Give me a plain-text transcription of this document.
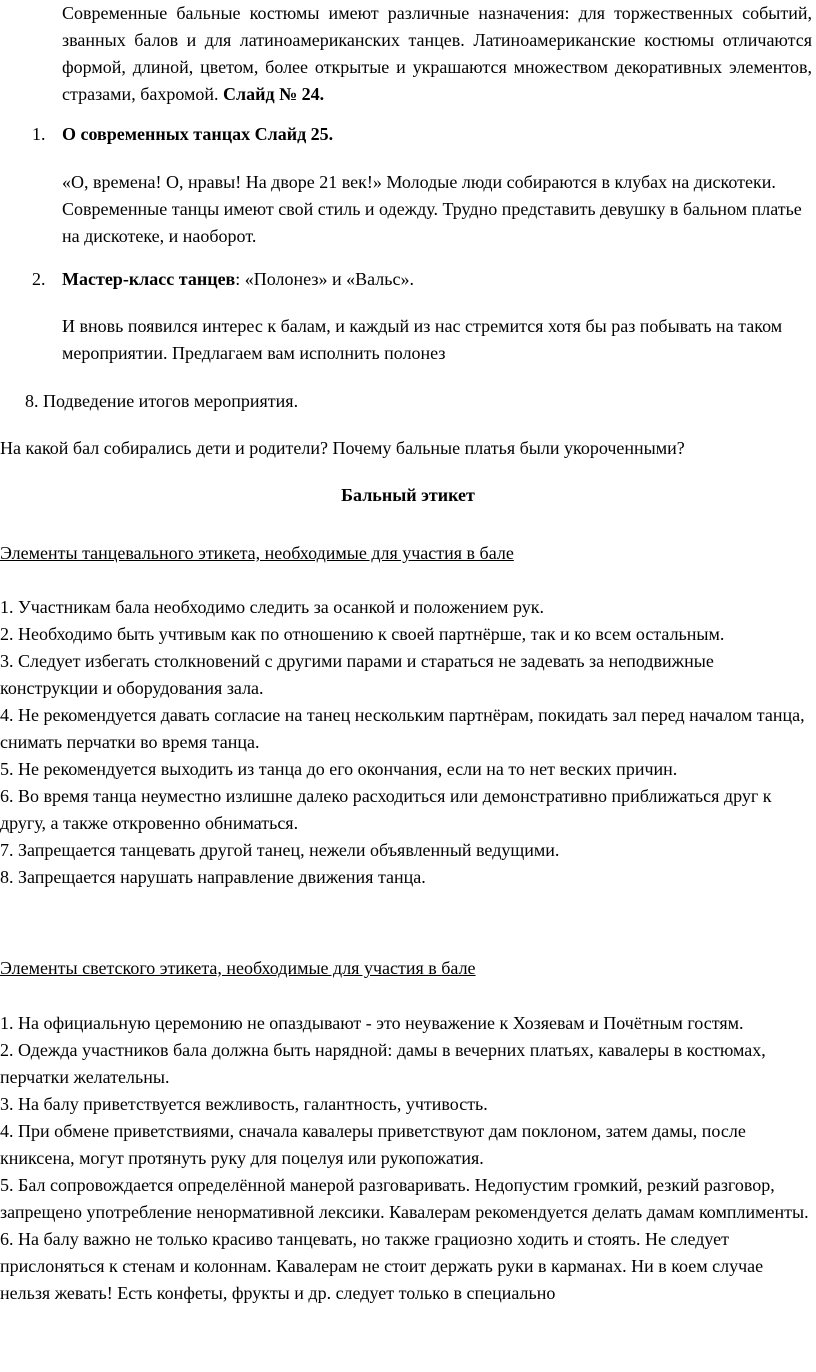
Современные бальные костюмы имеют различные назначения: для торжественных событий, званных балов и для латиноамериканских танцев. Латиноамериканские костюмы отличаются формой, длиной, цветом, более открытые и украшаются множеством декоративных элементов, стразами, бахромой. Слайд № 24.

1. О современных танцах Слайд 25.

«О, времена! О, нравы! На дворе 21 век!» Молодые люди собираются в клубах на дискотеки. Современные танцы имеют свой стиль и одежду. Трудно представить девушку в бальном платье на дискотеке, и наоборот.

2. Мастер-класс танцев: «Полонез» и «Вальс».

И вновь появился интерес к балам, и каждый из нас стремится хотя бы раз побывать на таком мероприятии. Предлагаем вам исполнить полонез

8. Подведение итогов мероприятия.

На какой бал собирались дети и родители? Почему бальные платья были укороченными?

Бальный этикет

Элементы танцевального этикета, необходимые для участия в бале

1. Участникам бала необходимо следить за осанкой и положением рук.

2. Необходимо быть учтивым как по отношению к своей партнёрше, так и ко всем остальным.

3. Следует избегать столкновений с другими парами и стараться не задевать за неподвижные конструкции и оборудования зала.

4. Не рекомендуется давать согласие на танец нескольким партнёрам, покидать зал перед началом танца, снимать перчатки во время танца.

5. Не рекомендуется выходить из танца до его окончания, если на то нет веских причин.

6. Во время танца неуместно излишне далеко расходиться или демонстративно приближаться друг к другу, а также откровенно обниматься.

7. Запрещается танцевать другой танец, нежели объявленный ведущими.

8. Запрещается нарушать направление движения танца.

Элементы светского этикета, необходимые для участия в бале

1. На официальную церемонию не опаздывают - это неуважение к Хозяевам и Почётным гостям.

2. Одежда участников бала должна быть нарядной: дамы в вечерних платьях, кавалеры в костюмах, перчатки желательны.

3. На балу приветствуется вежливость, галантность, учтивость.

4. При обмене приветствиями, сначала кавалеры приветствуют дам поклоном, затем дамы, после книксена, могут протянуть руку для поцелуя или рукопожатия.

5. Бал сопровождается определённой манерой разговаривать. Недопустим громкий, резкий разговор, запрещено употребление ненормативной лексики. Кавалерам рекомендуется делать дамам комплименты.

6. На балу важно не только красиво танцевать, но также грациозно ходить и стоять. Не следует прислоняться к стенам и колоннам. Кавалерам не стоит держать руки в карманах. Ни в коем случае нельзя жевать! Есть конфеты, фрукты и др. следует только в специально
